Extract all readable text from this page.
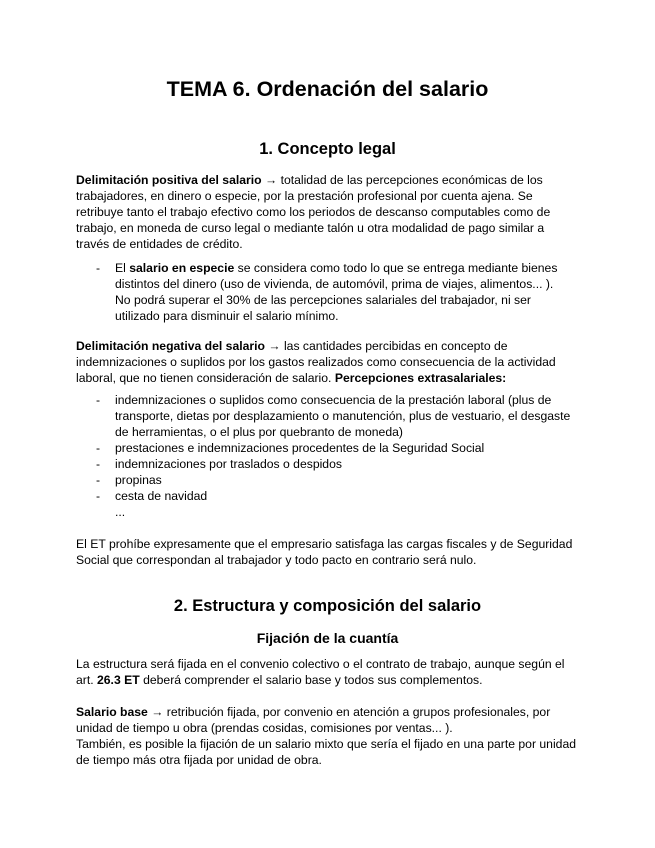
TEMA 6. Ordenación del salario
1. Concepto legal

Delimitación positiva del salario → totalidad de las percepciones económicas de los trabajadores, en dinero o especie, por la prestación profesional por cuenta ajena. Se retribuye tanto el trabajo efectivo como los periodos de descanso computables como de trabajo, en moneda de curso legal o mediante talón u otra modalidad de pago similar a través de entidades de crédito.

- El salario en especie se considera como todo lo que se entrega mediante bienes distintos del dinero (uso de vivienda, de automóvil, prima de viajes, alimentos... ).
No podrá superar el 30% de las percepciones salariales del trabajador, ni ser utilizado para disminuir el salario mínimo.

Delimitación negativa del salario → las cantidades percibidas en concepto de indemnizaciones o suplidos por los gastos realizados como consecuencia de la actividad laboral, que no tienen consideración de salario. Percepciones extrasalariales:

- indemnizaciones o suplidos como consecuencia de la prestación laboral (plus de transporte, dietas por desplazamiento o manutención, plus de vestuario, el desgaste de herramientas, o el plus por quebranto de moneda)
- prestaciones e indemnizaciones procedentes de la Seguridad Social
- indemnizaciones por traslados o despidos
- propinas
- cesta de navidad
...

El ET prohíbe expresamente que el empresario satisfaga las cargas fiscales y de Seguridad Social que correspondan al trabajador y todo pacto en contrario será nulo.

2. Estructura y composición del salario
Fijación de la cuantía

La estructura será fijada en el convenio colectivo o el contrato de trabajo, aunque según el art. 26.3 ET deberá comprender el salario base y todos sus complementos.

Salario base → retribución fijada, por convenio en atención a grupos profesionales, por unidad de tiempo u obra (prendas cosidas, comisiones por ventas... ).

También, es posible la fijación de un salario mixto que sería el fijado en una parte por unidad de tiempo más otra fijada por unidad de obra.
